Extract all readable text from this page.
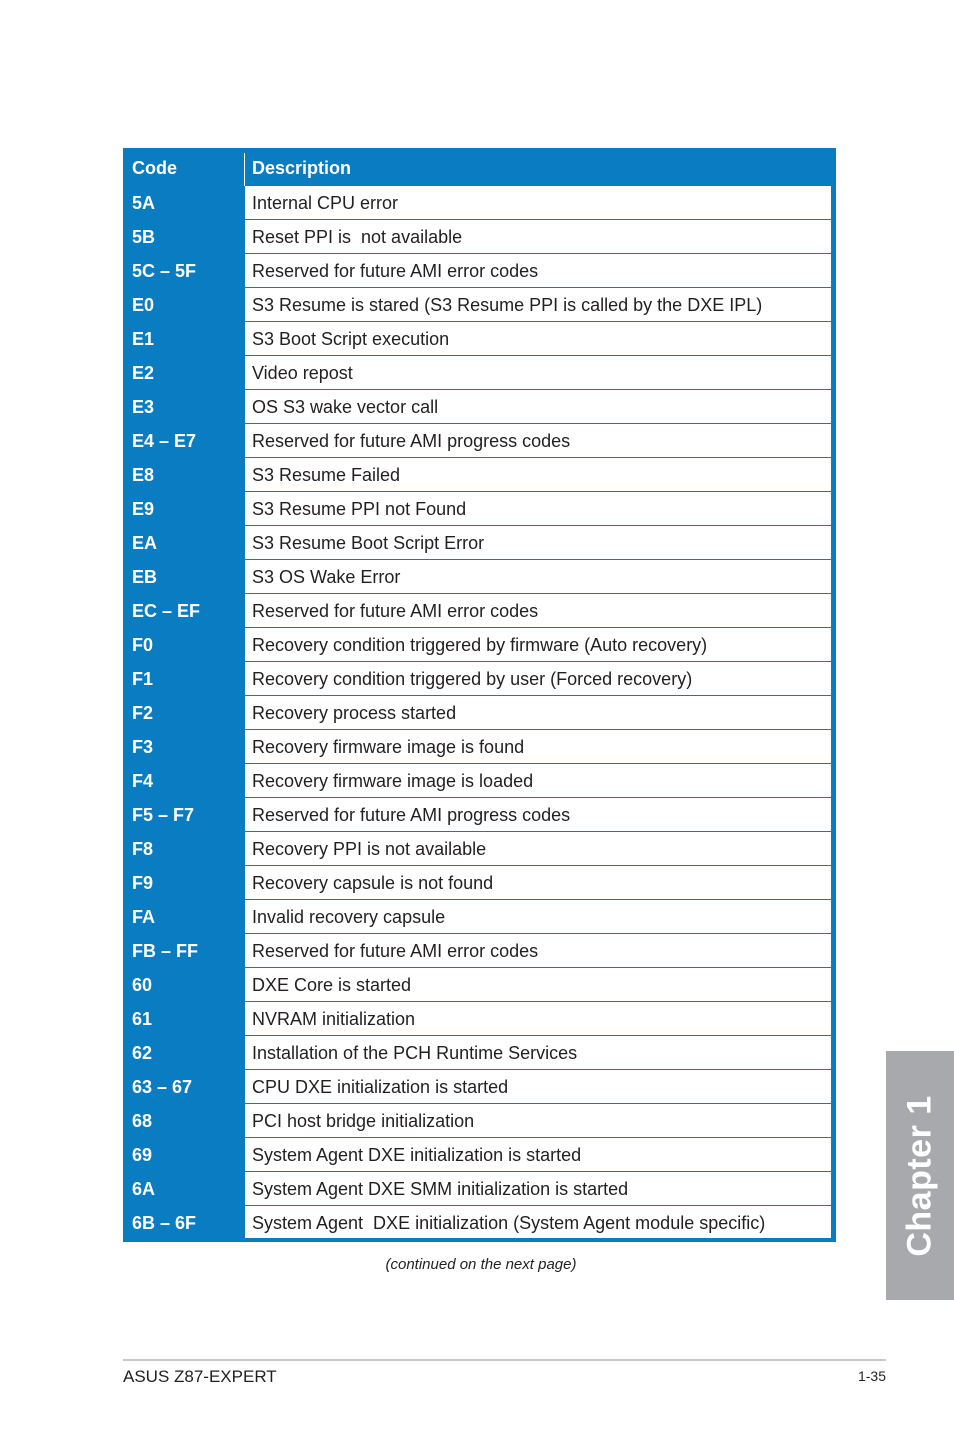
Code	Description
5A	Internal CPU error
5B	Reset PPI is  not available
5C – 5F	Reserved for future AMI error codes
E0	S3 Resume is stared (S3 Resume PPI is called by the DXE IPL)
E1	S3 Boot Script execution
E2	Video repost
E3	OS S3 wake vector call
E4 – E7	Reserved for future AMI progress codes
E8	S3 Resume Failed
E9	S3 Resume PPI not Found
EA	S3 Resume Boot Script Error
EB	S3 OS Wake Error
EC – EF	Reserved for future AMI error codes
F0	Recovery condition triggered by firmware (Auto recovery)
F1	Recovery condition triggered by user (Forced recovery)
F2	Recovery process started
F3	Recovery firmware image is found
F4	Recovery firmware image is loaded
F5 – F7	Reserved for future AMI progress codes
F8	Recovery PPI is not available
F9	Recovery capsule is not found
FA	Invalid recovery capsule
FB – FF	Reserved for future AMI error codes
60	DXE Core is started
61	NVRAM initialization
62	Installation of the PCH Runtime Services
63 – 67	CPU DXE initialization is started
68	PCI host bridge initialization
69	System Agent DXE initialization is started
6A	System Agent DXE SMM initialization is started
6B – 6F	System Agent  DXE initialization (System Agent module specific)
(continued on the next page)
ASUS Z87-EXPERT	1-35
Chapter 1
